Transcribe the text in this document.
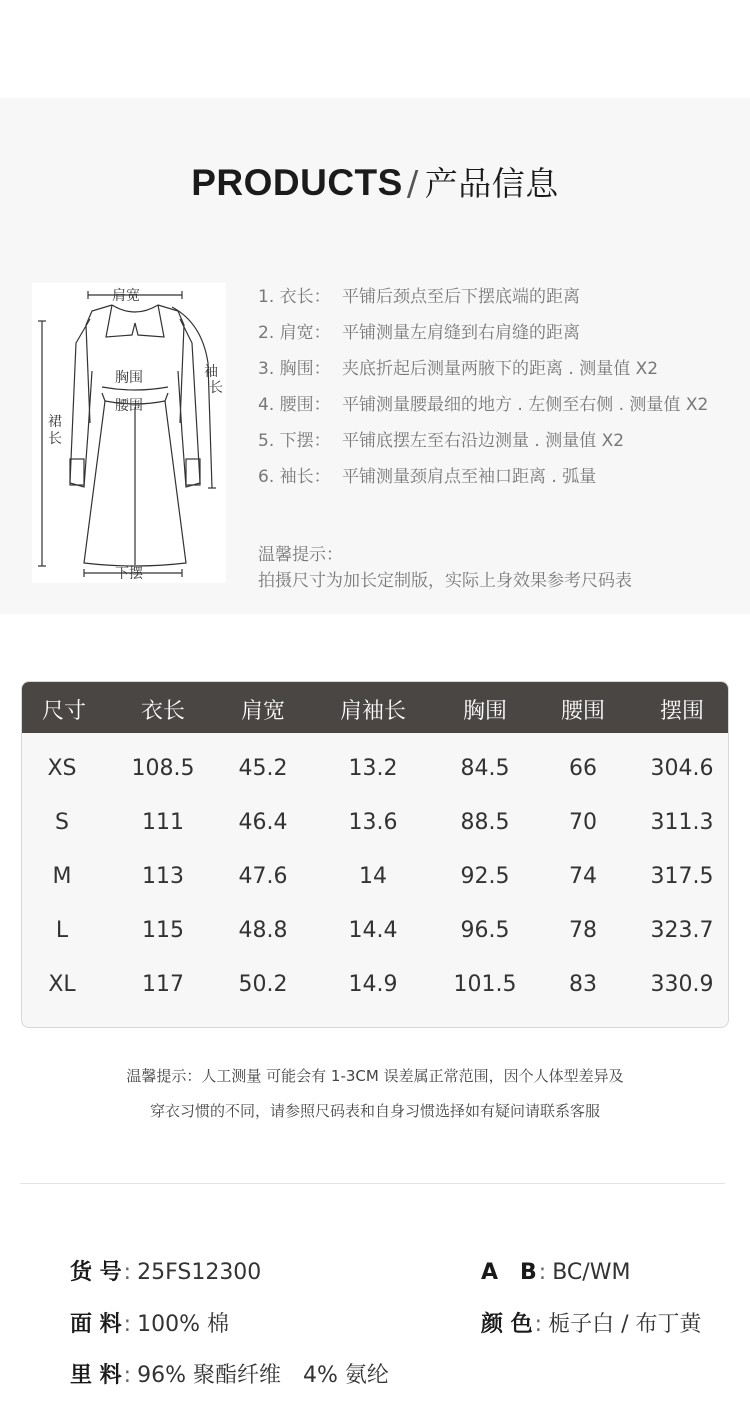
PRODUCTS / 产品信息
肩宽
胸围
腰围
袖
长
裙
长
下摆
1. 衣长： 平铺后颈点至后下摆底端的距离
2. 肩宽： 平铺测量左肩缝到右肩缝的距离
3. 胸围： 夹底折起后测量两腋下的距离 . 测量值 X2
4. 腰围： 平铺测量腰最细的地方 . 左侧至右侧 . 测量值 X2
5. 下摆： 平铺底摆左至右沿边测量 . 测量值 X2
6. 袖长： 平铺测量颈肩点至袖口距离 . 弧量
温馨提示：
拍摄尺寸为加长定制版，实际上身效果参考尺码表
尺寸 衣长	肩宽 肩袖长	胸围 腰围 摆围
XS 108.5 45.2	13.2	84.5	66 304.6
S	111 46.4	13.6	88.5	70 311.3
M	113 47.6	14	92.5	74 317.5
L	115 48.8	14.4	96.5	78 323.7
XL	117 50.2	14.9	101.5 83 330.9
温馨提示：人工测量 可能会有 1-3CM 误差属正常范围，因个人体型差异及
穿衣习惯的不同，请参照尺码表和自身习惯选择如有疑问请联系客服
货 号: 25FS12300	A　B: BC/WM
面 料: 100% 棉	颜 色: 栀子白 / 布丁黄
里 料: 96% 聚酯纤维　4% 氨纶
